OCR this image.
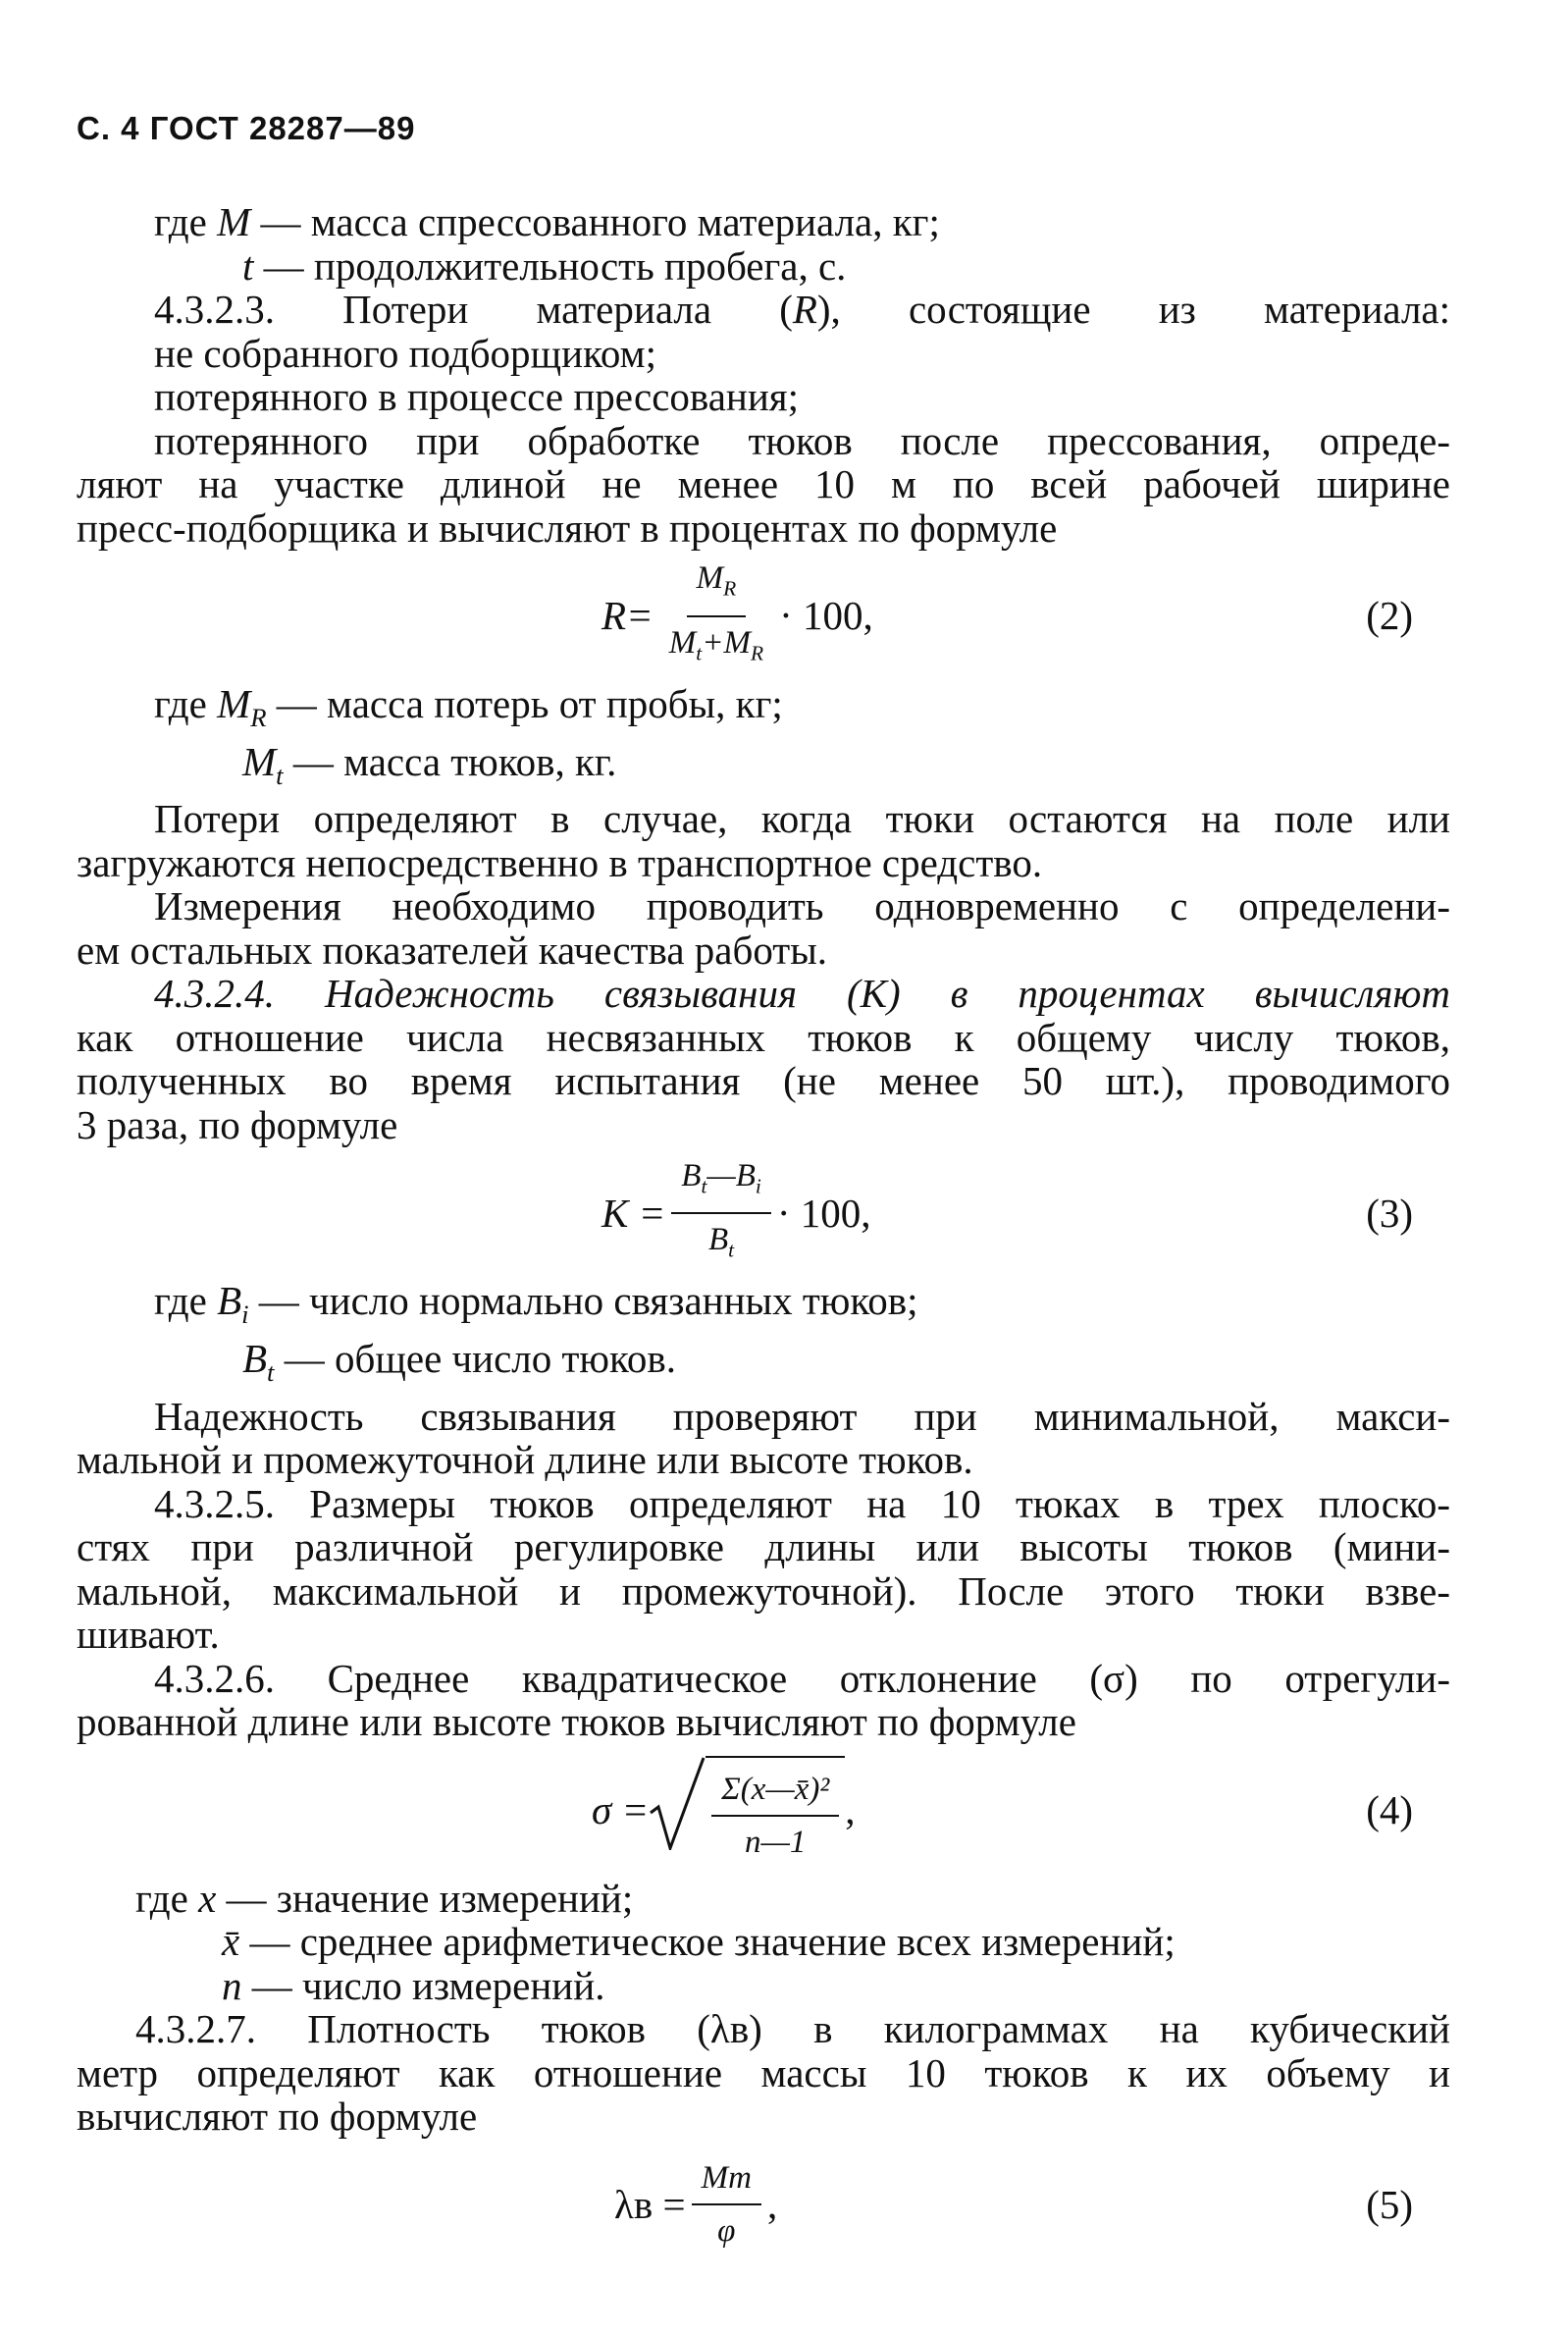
С. 4 ГОСТ 28287—89

где M — масса спрессованного материала, кг;

t — продолжительность пробега, с.

4.3.2.3. Потери материала (R), состоящие из материала:

не собранного подборщиком;

потерянного в процессе прессования;

потерянного при обработке тюков после прессования, опреде-

ляют на участке длиной не менее 10 м по всей рабочей ширине

пресс-подборщика и вычисляют в процентах по формуле

$R= \frac{M_R}{M_t+M_R} \cdot 100$,	(2)

где $M_R$ — масса потерь от пробы, кг;

$M_t$ — масса тюков, кг.

Потери определяют в случае, когда тюки остаются на поле или

загружаются непосредственно в транспортное средство.

Измерения необходимо проводить одновременно с определени-

ем остальных показателей качества работы.

4.3.2.4. Надежность связывания (K) в процентах вычисляют

как отношение числа несвязанных тюков к общему числу тюков,

полученных во время испытания (не менее 50 шт.), проводимого

3 раза, по формуле

$K = \frac{B_t—B_i}{B_t} \cdot 100$,	(3)

где $B_i$ — число нормально связанных тюков;

$B_t$ — общее число тюков.

Надежность связывания проверяют при минимальной, макси-

мальной и промежуточной длине или высоте тюков.

4.3.2.5. Размеры тюков определяют на 10 тюках в трех плоско-

стях при различной регулировке длины или высоты тюков (мини-

мальной, максимальной и промежуточной). После этого тюки взве-

шивают.

4.3.2.6. Среднее квадратическое отклонение (σ) по отрегули-

рованной длине или высоте тюков вычисляют по формуле

$\sigma = \frac{\text{Σ(x—x̄)²}}{n—1}$ ,	(4)

где x — значение измерений;

x̄ — среднее арифметическое значение всех измерений;

n — число измерений.

4.3.2.7. Плотность тюков (λв) в килограммах на кубический

метр определяют как отношение массы 10 тюков к их объему и

вычисляют по формуле

$\lambda в = \frac{Mт}{\varphi}$ ,	(5)
